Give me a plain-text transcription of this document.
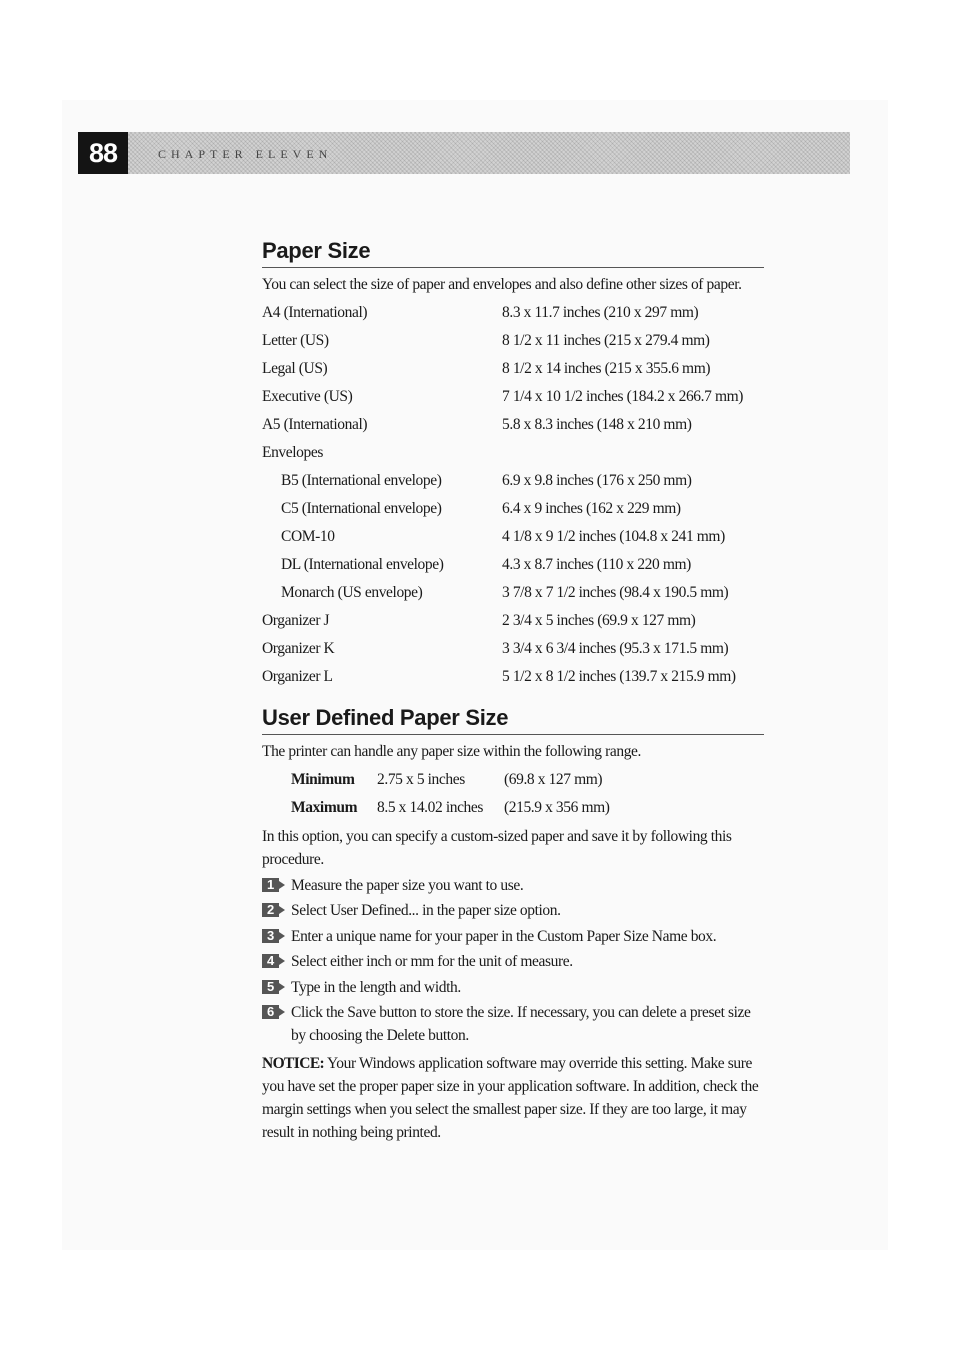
88	CHAPTER ELEVEN
Paper Size
You can select the size of paper and envelopes and also define other sizes of paper.
A4 (International)	8.3 x 11.7 inches (210 x 297 mm)
Letter (US)	8 1/2 x 11 inches (215 x 279.4 mm)
Legal (US)	8 1/2 x 14 inches (215 x 355.6 mm)
Executive (US)	7 1/4 x 10 1/2 inches (184.2 x 266.7 mm)
A5 (International)	5.8 x 8.3 inches (148 x 210 mm)
Envelopes
B5 (International envelope)	6.9 x 9.8 inches (176 x 250 mm)
C5 (International envelope)	6.4 x 9 inches (162 x 229 mm)
COM-10	4 1/8 x 9 1/2 inches (104.8 x 241 mm)
DL (International envelope)	4.3 x 8.7 inches (110 x 220 mm)
Monarch (US envelope)	3 7/8 x 7 1/2 inches (98.4 x 190.5 mm)
Organizer J	2 3/4 x 5 inches (69.9 x 127 mm)
Organizer K	3 3/4 x 6 3/4 inches (95.3 x 171.5 mm)
Organizer L	5 1/2 x 8 1/2 inches (139.7 x 215.9 mm)
User Defined Paper Size
The printer can handle any paper size within the following range.
Minimum	2.75 x 5 inches	(69.8 x 127 mm)
Maximum	8.5 x 14.02 inches	(215.9 x 356 mm)
In this option, you can specify a custom-sized paper and save it by following this procedure.
1 Measure the paper size you want to use.
2 Select User Defined... in the paper size option.
3 Enter a unique name for your paper in the Custom Paper Size Name box.
4 Select either inch or mm for the unit of measure.
5 Type in the length and width.
6 Click the Save button to store the size. If necessary, you can delete a preset size by choosing the Delete button.
NOTICE: Your Windows application software may override this setting. Make sure you have set the proper paper size in your application software. In addition, check the margin settings when you select the smallest paper size. If they are too large, it may result in nothing being printed.
